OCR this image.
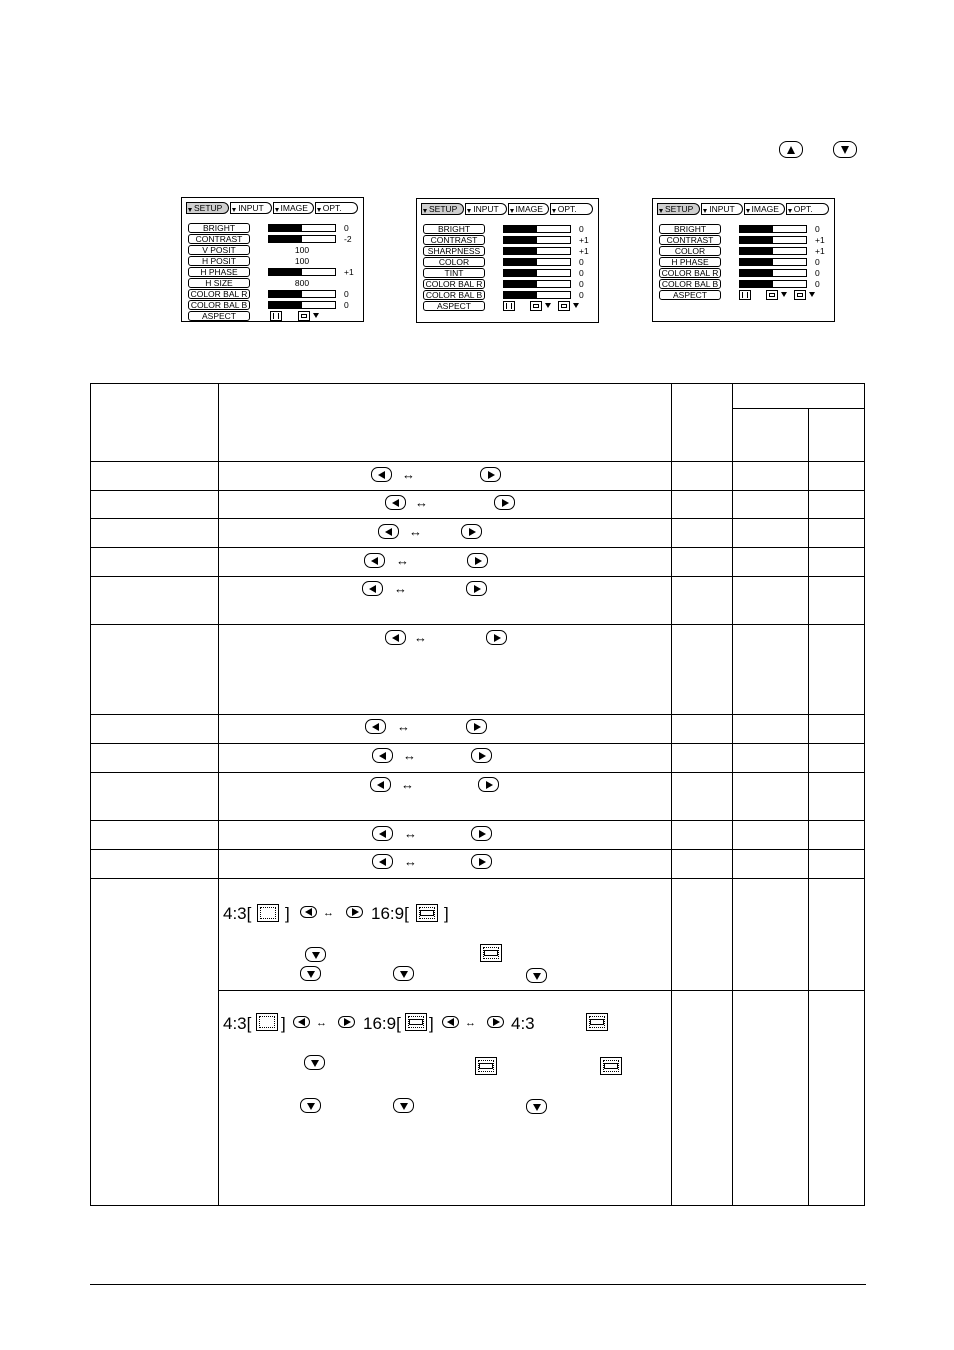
SETUP	INPUT	IMAGE	OPT.
BRIGHT	0
CONTRAST	-2
V POSIT	100
H POSIT	100
H PHASE	+1
H SIZE	800
COLOR BAL R	0
COLOR BAL B	0
ASPECT
SETUP	INPUT	IMAGE	OPT.
BRIGHT	0
CONTRAST	+1
SHARPNESS	+1
COLOR	0
TINT	0
COLOR BAL R	0
COLOR BAL B	0
ASPECT
SETUP	INPUT	IMAGE	OPT.
BRIGHT	0
CONTRAST	+1
COLOR	+1
H PHASE	0
COLOR BAL R	0
COLOR BAL B	0
ASPECT
↔
↔
↔
↔
↔
↔
↔
↔
↔
↔
↔
4:3[ ]	↔ 16:9[ ]
4:3[ ]	↔ 16:9[ ]	↔ 4:3
